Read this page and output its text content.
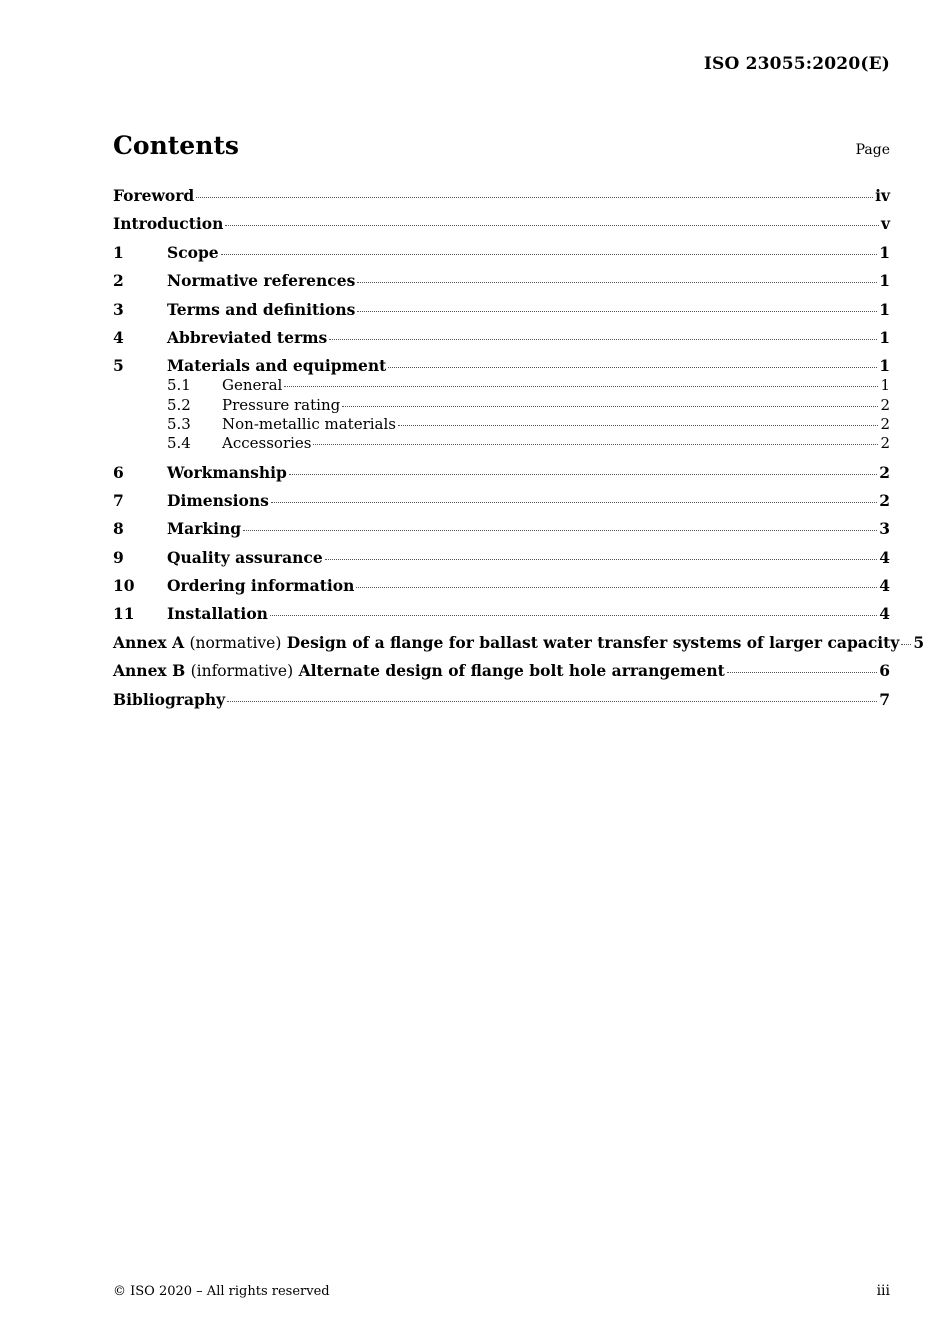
ISO 23055:2020(E)
Contents	Page
Foreword	iv
Introduction	v
1	Scope	1
2	Normative references	1
3	Terms and definitions	1
4	Abbreviated terms	1
5	Materials and equipment	1
5.1	General	1
5.2	Pressure rating	2
5.3	Non-metallic materials	2
5.4	Accessories	2
6	Workmanship	2
7	Dimensions	2
8	Marking	3
9	Quality assurance	4
10	Ordering information	4
11	Installation	4
Annex A (normative) Design of a flange for ballast water transfer systems of larger capacity 5
Annex B (informative) Alternate design of flange bolt hole arrangement	6
Bibliography	7
© ISO 2020 – All rights reserved	iii
